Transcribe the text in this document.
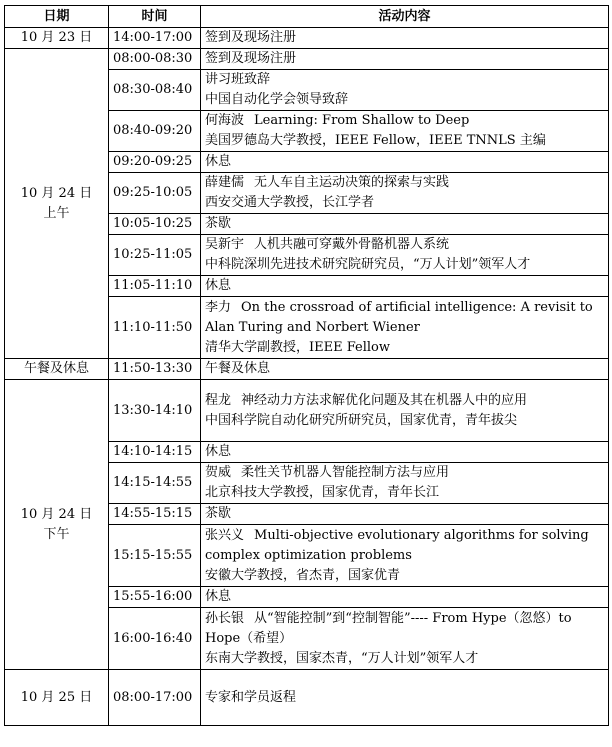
日期	时间	活动内容
10 月 23 日	14:00-17:00	签到及现场注册

10 月 24 日
上午	08:00-08:30	签到及现场注册

	08:30-08:40	讲习班致辞
中国自动化学会领导致辞

	08:40-09:20	何海波 Learning: From Shallow to Deep
美国罗德岛大学教授，IEEE Fellow，IEEE TNNLS 主编

	09:20-09:25	休息

	09:25-10:05	薛建儒 无人车自主运动决策的探索与实践
西安交通大学教授，长江学者

	10:05-10:25	茶歇

	10:25-11:05	吴新宇 人机共融可穿戴外骨骼机器人系统
中科院深圳先进技术研究院研究员，“万人计划”领军人才

	11:05-11:10	休息

	11:10-11:50	李力 On the crossroad of artificial intelligence: A revisit to Alan Turing and Norbert Wiener
清华大学副教授，IEEE Fellow

午餐及休息	11:50-13:30	午餐及休息

10 月 24 日
下午	13:30-14:10	程龙 神经动力方法求解优化问题及其在机器人中的应用
中国科学院自动化研究所研究员，国家优青，青年拔尖

	14:10-14:15	休息

	14:15-14:55	贺威 柔性关节机器人智能控制方法与应用
北京科技大学教授，国家优青，青年长江

	14:55-15:15	茶歇

	15:15-15:55	张兴义 Multi-objective evolutionary algorithms for solving complex optimization problems
安徽大学教授，省杰青，国家优青

	15:55-16:00	休息

	16:00-16:40	孙长银 从“智能控制”到“控制智能”---- From Hype（忽悠）to Hope（希望）
东南大学教授，国家杰青，“万人计划”领军人才

10 月 25 日	08:00-17:00	专家和学员返程
